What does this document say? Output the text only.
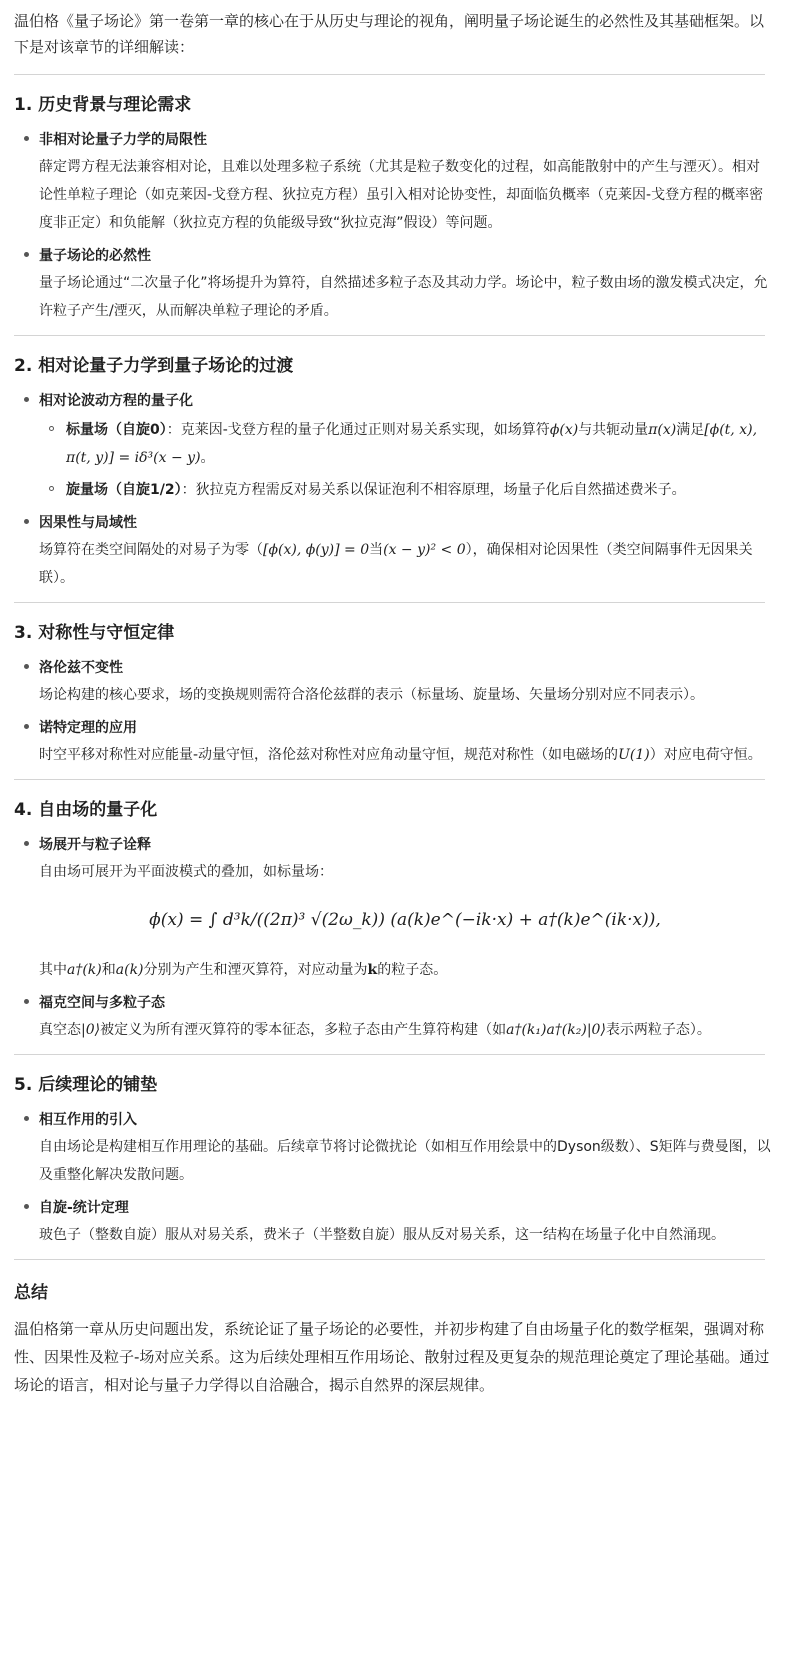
温伯格《量子场论》第一卷第一章的核心在于从历史与理论的视角，阐明量子场论诞生的必然性及其基础框架。以下是对该章节的详细解读：

1. 历史背景与理论需求
非相对论量子力学的局限性
薛定谔方程无法兼容相对论，且难以处理多粒子系统（尤其是粒子数变化的过程，如高能散射中的产生与湮灭）。相对论性单粒子理论（如克莱因-戈登方程、狄拉克方程）虽引入相对论协变性，却面临负概率（克莱因-戈登方程的概率密度非正定）和负能解（狄拉克方程的负能级导致“狄拉克海”假设）等问题。
量子场论的必然性
量子场论通过“二次量子化”将场提升为算符，自然描述多粒子态及其动力学。场论中，粒子数由场的激发模式决定，允许粒子产生/湮灭，从而解决单粒子理论的矛盾。
2. 相对论量子力学到量子场论的过渡
相对论波动方程的量子化
标量场（自旋0）：克莱因-戈登方程的量子化通过正则对易关系实现，如场算符ϕ(x)与共轭动量π(x)满足[ϕ(t, x), π(t, y)] = iδ³(x − y)。
旋量场（自旋1/2）：狄拉克方程需反对易关系以保证泡利不相容原理，场量子化后自然描述费米子。
因果性与局域性
场算符在类空间隔处的对易子为零（[ϕ(x), ϕ(y)] = 0当(x − y)² < 0），确保相对论因果性（类空间隔事件无因果关联）。
3. 对称性与守恒定律
洛伦兹不变性
场论构建的核心要求，场的变换规则需符合洛伦兹群的表示（标量场、旋量场、矢量场分别对应不同表示）。
诺特定理的应用
时空平移对称性对应能量-动量守恒，洛伦兹对称性对应角动量守恒，规范对称性（如电磁场的U(1)）对应电荷守恒。
4. 自由场的量子化
场展开与粒子诠释
自由场可展开为平面波模式的叠加，如标量场：
ϕ(x) = ∫ d³k/((2π)³ √(2ω_k)) (a(k)e^(−ik·x) + a†(k)e^(ik·x)),
其中a†(k)和a(k)分别为产生和湮灭算符，对应动量为k的粒子态。
福克空间与多粒子态
真空态|0⟩被定义为所有湮灭算符的零本征态，多粒子态由产生算符构建（如a†(k₁)a†(k₂)|0⟩表示两粒子态）。
5. 后续理论的铺垫
相互作用的引入
自由场论是构建相互作用理论的基础。后续章节将讨论微扰论（如相互作用绘景中的Dyson级数）、S矩阵与费曼图，以及重整化解决发散问题。
自旋-统计定理
玻色子（整数自旋）服从对易关系，费米子（半整数自旋）服从反对易关系，这一结构在场量子化中自然涌现。
总结
温伯格第一章从历史问题出发，系统论证了量子场论的必要性，并初步构建了自由场量子化的数学框架，强调对称性、因果性及粒子-场对应关系。这为后续处理相互作用场论、散射过程及更复杂的规范理论奠定了理论基础。通过场论的语言，相对论与量子力学得以自洽融合，揭示自然界的深层规律。
